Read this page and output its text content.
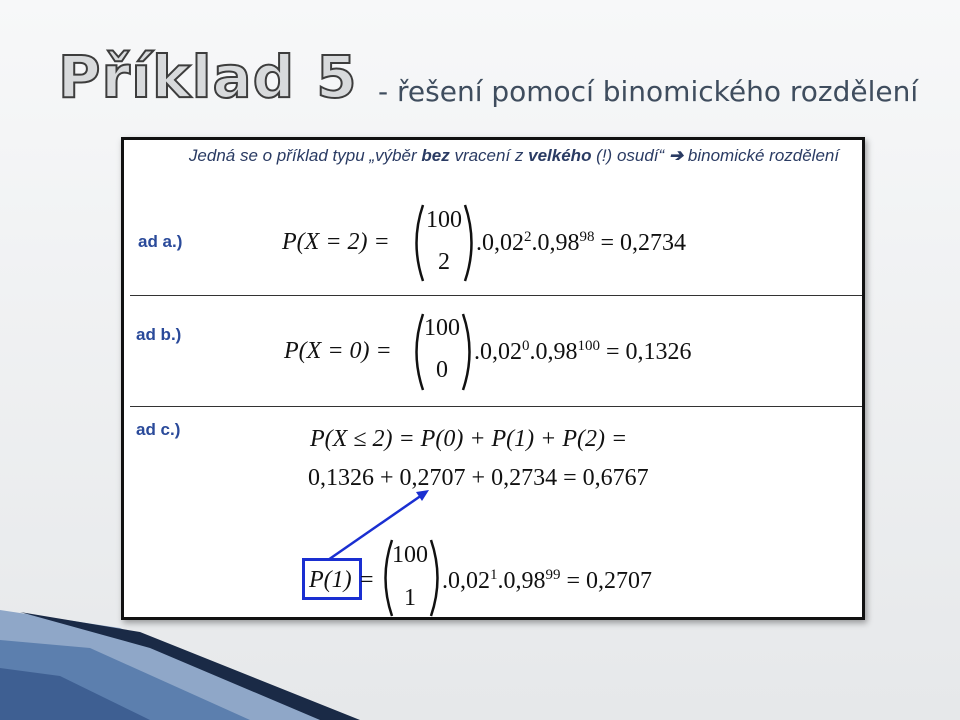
Příklad 5 - řešení pomocí binomického rozdělení
Jedná se o příklad typu „výběr bez vracení z velkého (!) osudí“ ➔ binomické rozdělení
ad a.)	P(X = 2) =
100
2
$.0,02^2.0,98^{98} = 0,2734$
ad b.)
P(X = 0) =
100
0
$.0,02^0.0,98^{100} = 0,1326$
ad c.)	P(X ≤ 2) = P(0) + P(1) + P(2) =
0,1326 + 0,2707 + 0,2734 = 0,6767
P(1) =
100
1
$.0,02^1.0,98^{99} = 0,2707$
